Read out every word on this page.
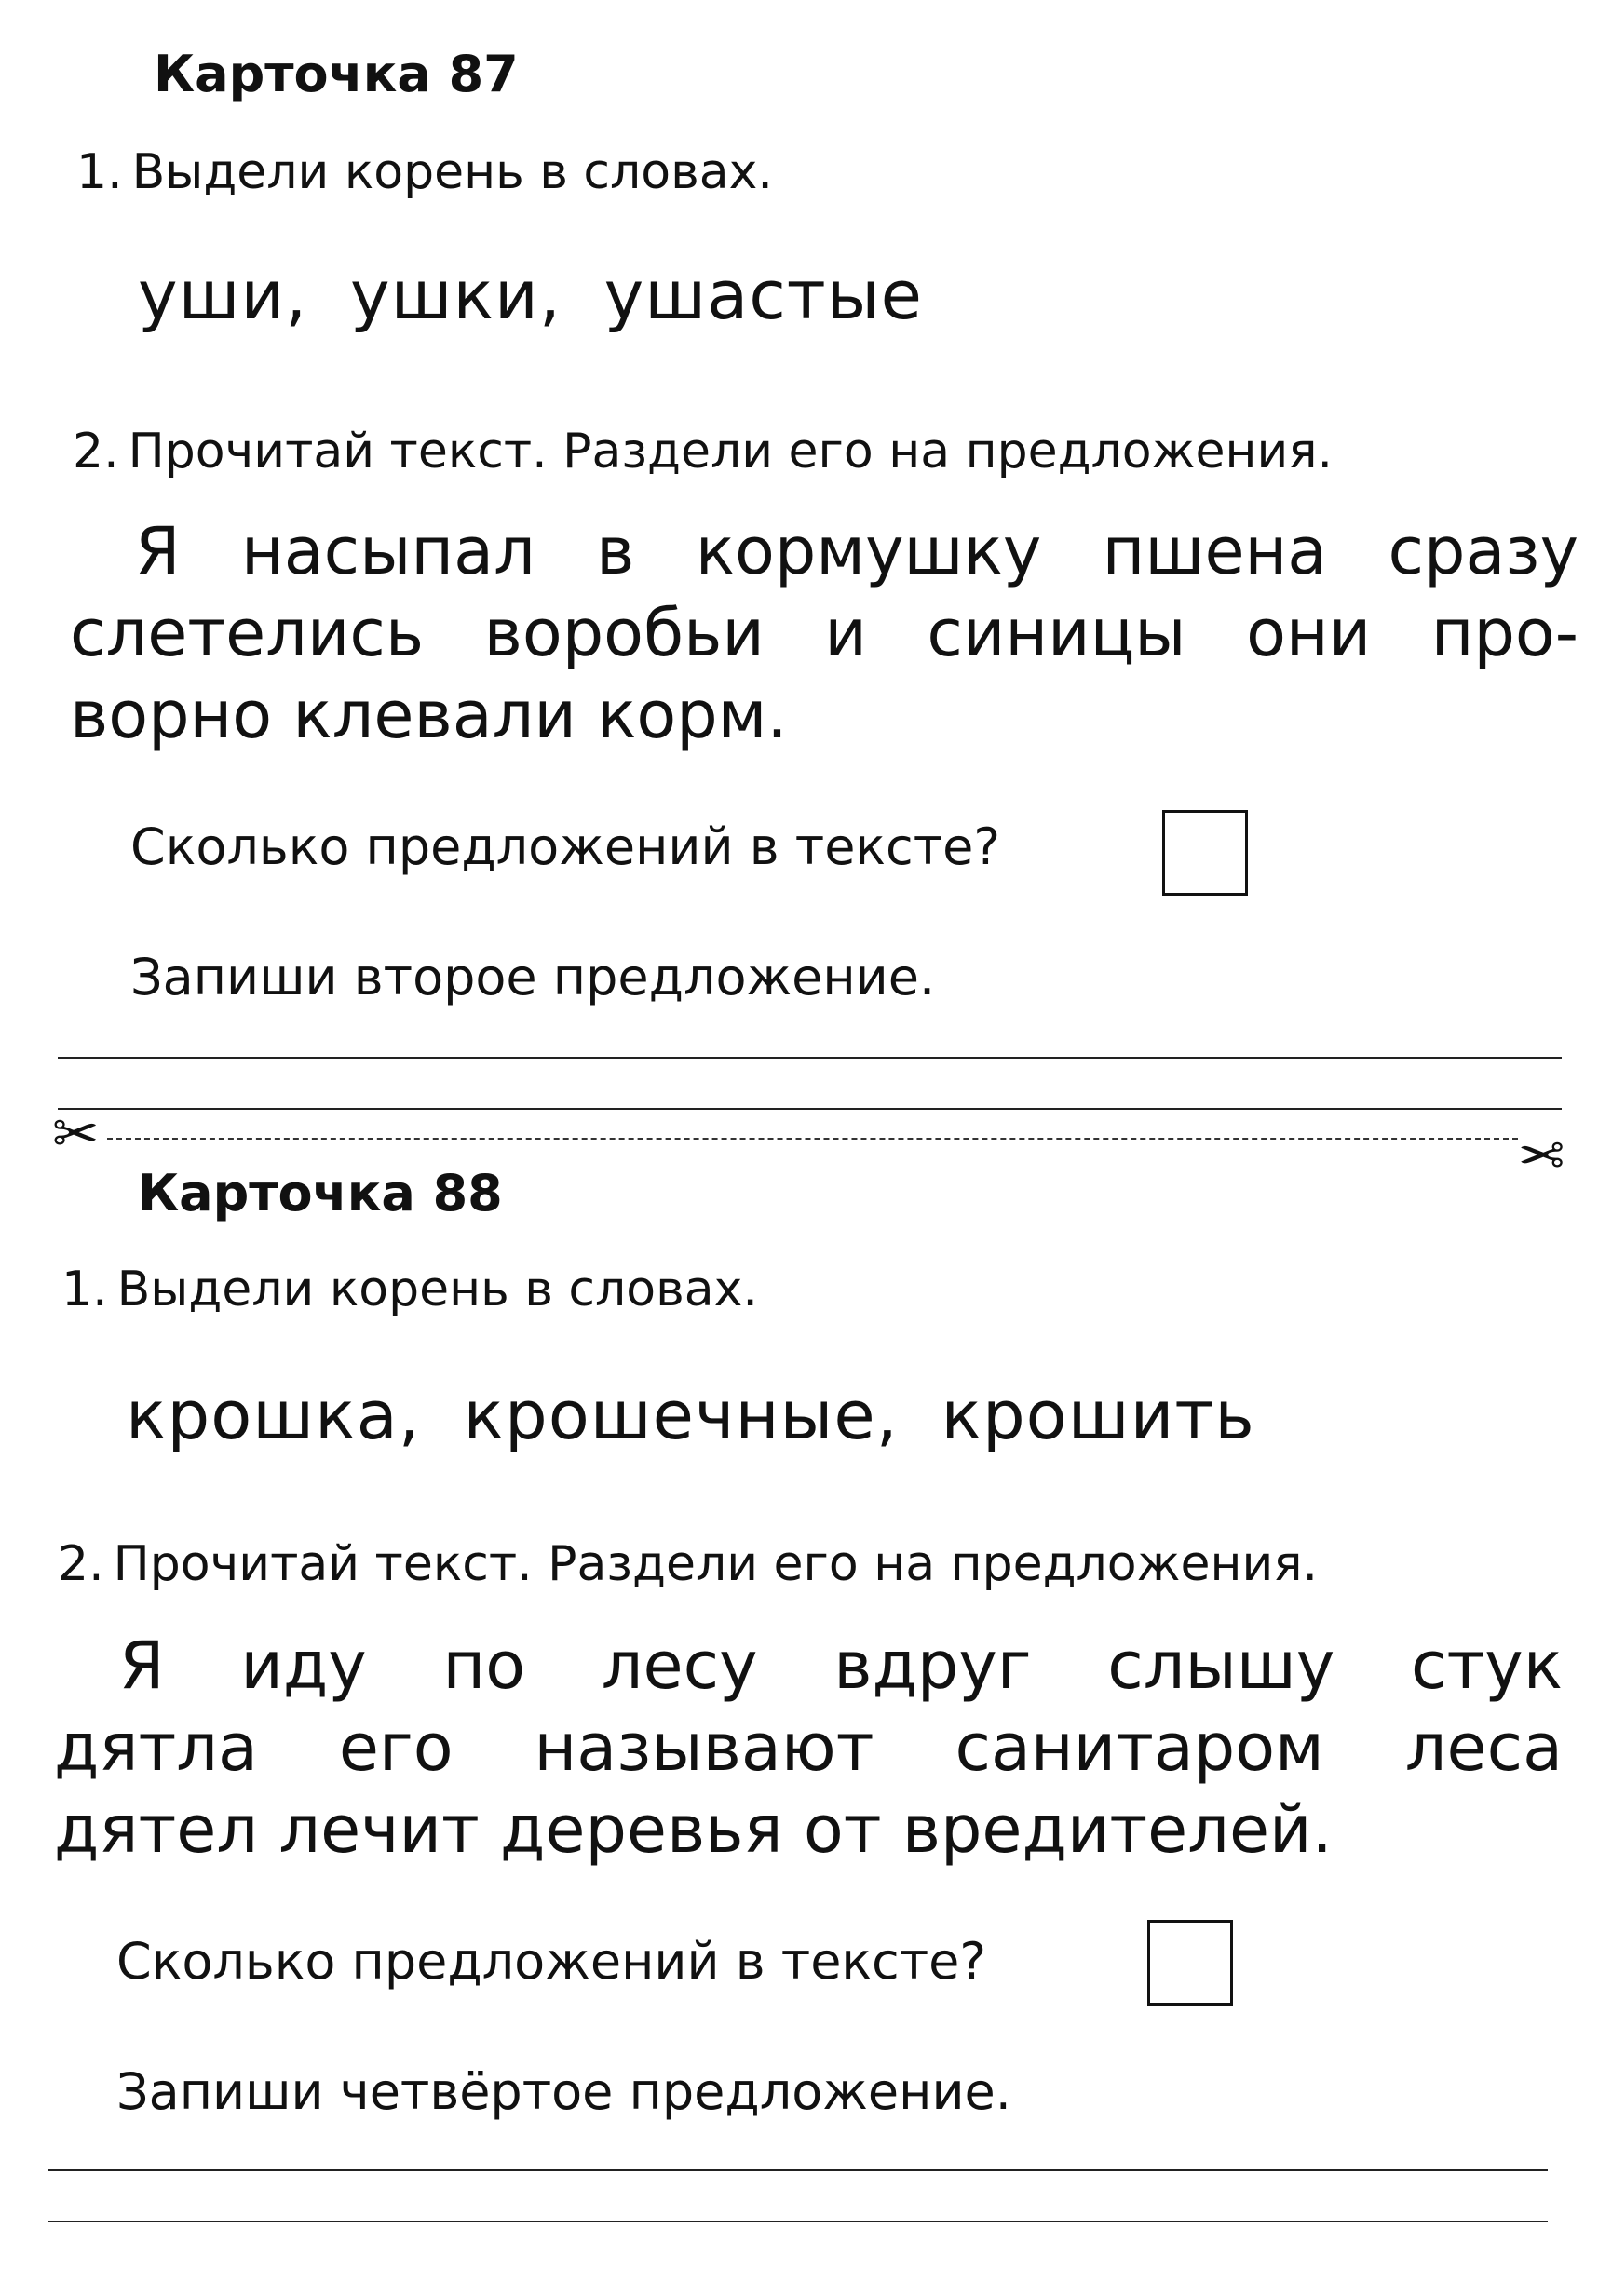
Карточка 87
1. Выдели корень в словах.
уши, ушки, ушастые
2. Прочитай текст. Раздели его на предложения.
Я насыпал в кормушку пшена сразу
слетелись воробьи и синицы они про-
ворно клевали корм.
Сколько предложений в тексте?
Запиши второе предложение.
✂	✂
Карточка 88
1. Выдели корень в словах.
крошка, крошечные, крошить
2. Прочитай текст. Раздели его на предложения.
Я иду по лесу вдруг слышу стук
дятла его называют санитаром леса
дятел лечит деревья от вредителей.
Сколько предложений в тексте?
Запиши четвёртое предложение.
